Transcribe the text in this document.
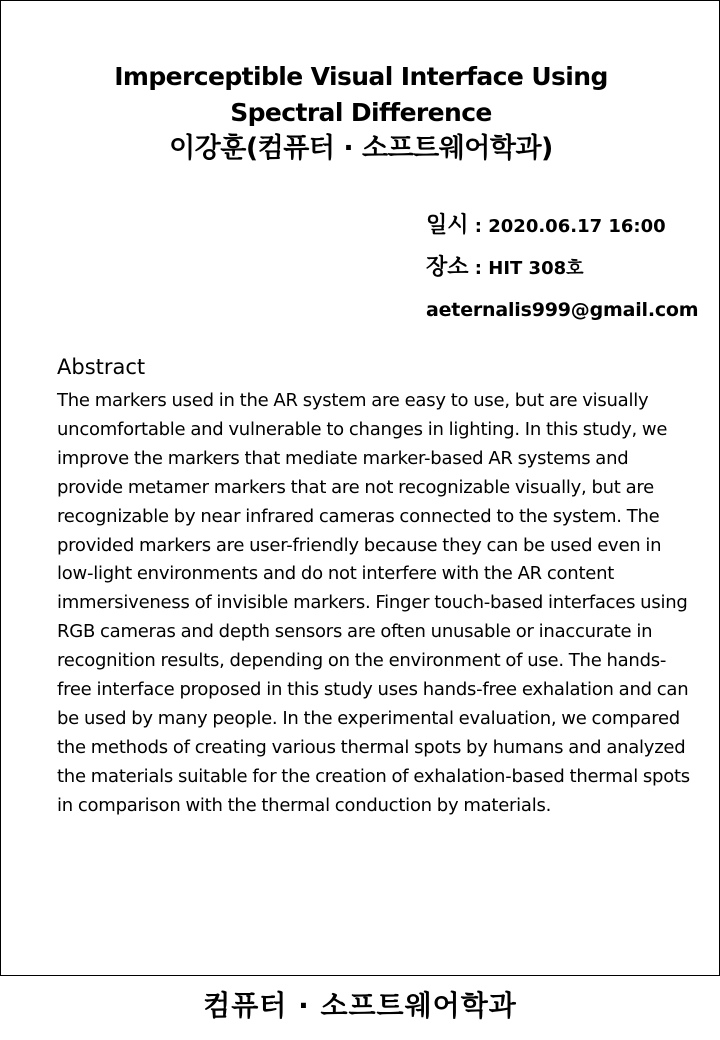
Imperceptible Visual Interface Using
Spectral Difference
이강훈(컴퓨터 · 소프트웨어학과)
일시 : 2020.06.17 16:00
장소 : HIT 308호
aeternalis999@gmail.com
Abstract
The markers used in the AR system are easy to use, but are visually uncomfortable and vulnerable to changes in lighting. In this study, we improve the markers that mediate marker-based AR systems and provide metamer markers that are not recognizable visually, but are recognizable by near infrared cameras connected to the system. The provided markers are user-friendly because they can be used even in low-light environments and do not interfere with the AR content immersiveness of invisible markers. Finger touch-based interfaces using RGB cameras and depth sensors are often unusable or inaccurate in recognition results, depending on the environment of use. The hands-free interface proposed in this study uses hands-free exhalation and can be used by many people. In the experimental evaluation, we compared the methods of creating various thermal spots by humans and analyzed the materials suitable for the creation of exhalation-based thermal spots in comparison with the thermal conduction by materials.
컴퓨터 · 소프트웨어학과
